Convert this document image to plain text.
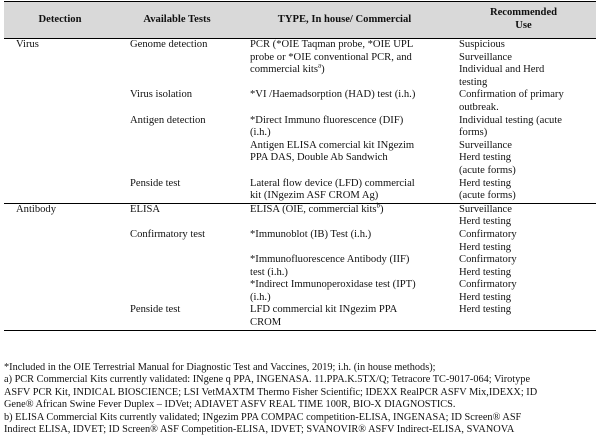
Detection	Available Tests	TYPE, In house/ Commercial	Recommended
Use

Virus	Genome detection	PCR (*OIE Taqman probe, *OIE UPL
probe or *OIE conventional PCR, and
commercial kits$^a$)	Suspicious
Surveillance
Individual and Herd
testing

	Virus isolation	*VI /Haemadsorption (HAD) test (i.h.)	Confirmation of primary
outbreak.

	Antigen detection	*Direct Immuno fluorescence (DIF)
(i.h.)	Individual testing (acute
forms)

		Antigen ELISA comercial kit INgezim
PPA DAS, Double Ab Sandwich	Surveillance
Herd testing
(acute forms)

	Penside test	Lateral flow device (LFD) commercial
kit (INgezim ASF CROM Ag)	Herd testing
(acute forms)

Antibody	ELISA	ELISA (OIE, commercial kits$^b$)	Surveillance
Herd testing

	Confirmatory test	*Immunoblot (IB) Test (i.h.)	Confirmatory
Herd testing

		*Immunofluorescence Antibody (IIF)
test (i.h.)	Confirmatory
Herd testing

		*Indirect Immunoperoxidase test (IPT)
(i.h.)	Confirmatory
Herd testing

	Penside test	LFD commercial kit INgezim PPA
CROM	Herd testing
*Included in the OIE Terrestrial Manual for Diagnostic Test and Vaccines, 2019; i.h. (in house methods);
a) PCR Commercial Kits currently validated: INgene q PPA, INGENASA. 11.PPA.K.5TX/Q; Tetracore TC-9017-064; Virotype
ASFV PCR Kit, INDICAL BIOSCIENCE; LSI VetMAXTM Thermo Fisher Scientific; IDEXX RealPCR ASFV Mix,IDEXX; ID
Gene® African Swine Fever Duplex – IDVet; ADIAVET ASFV REAL TIME 100R, BIO-X DIAGNOSTICS.
b) ELISA Commercial Kits currently validated; INgezim PPA COMPAC competition-ELISA, INGENASA; ID Screen® ASF
Indirect ELISA, IDVET; ID Screen® ASF Competition-ELISA, IDVET; SVANOVIR® ASFV Indirect-ELISA, SVANOVA
